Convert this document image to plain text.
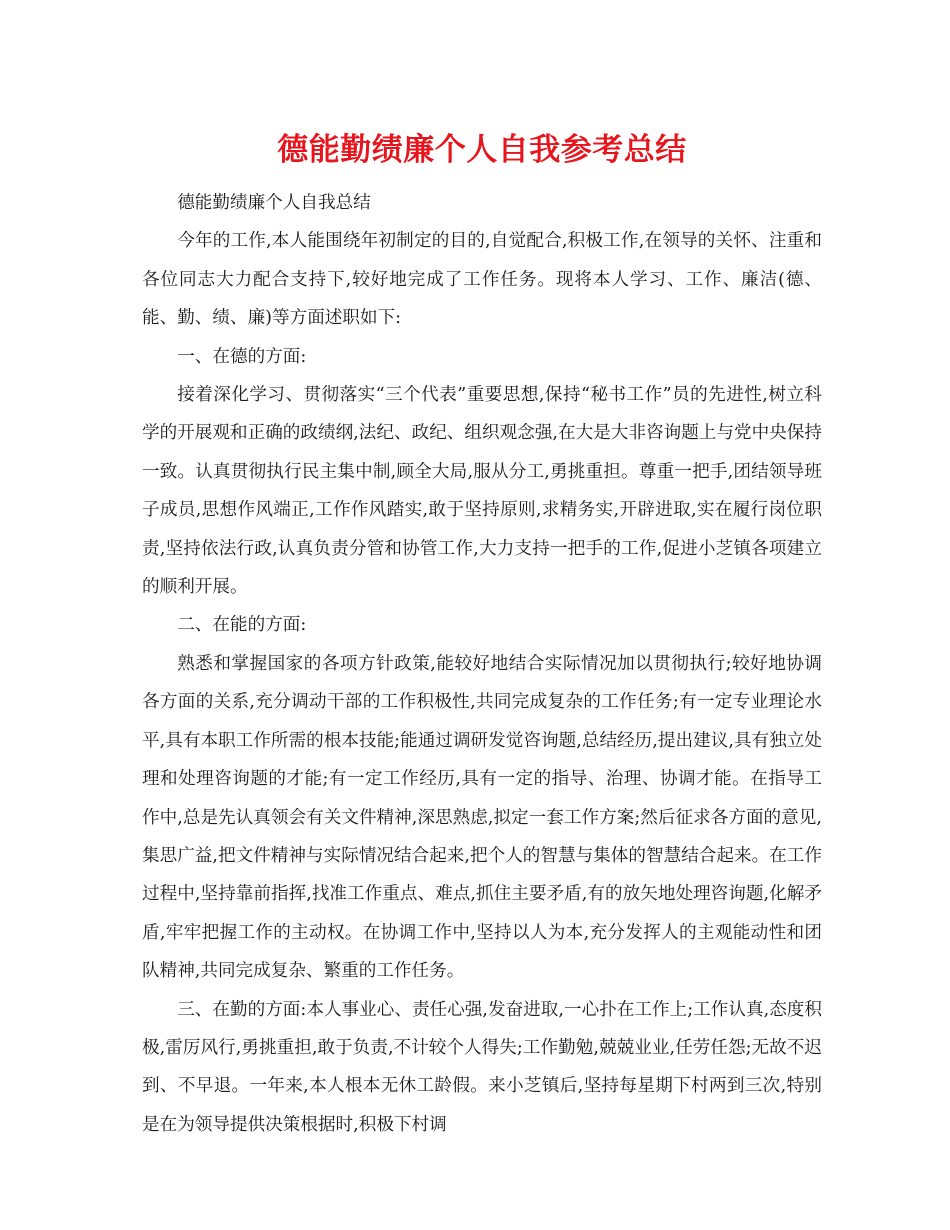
德能勤绩廉个人自我参考总结

德能勤绩廉个人自我总结

今年的工作,本人能围绕年初制定的目的,自觉配合,积极工作,在领导的关怀、注重和各位同志大力配合支持下,较好地完成了工作任务。现将本人学习、工作、廉洁(德、能、勤、绩、廉)等方面述职如下:

一、在德的方面:

接着深化学习、贯彻落实“三个代表”重要思想,保持“秘书工作”员的先进性,树立科学的开展观和正确的政绩纲,法纪、政纪、组织观念强,在大是大非咨询题上与党中央保持一致。认真贯彻执行民主集中制,顾全大局,服从分工,勇挑重担。尊重一把手,团结领导班子成员,思想作风端正,工作作风踏实,敢于坚持原则,求精务实,开辟进取,实在履行岗位职责,坚持依法行政,认真负责分管和协管工作,大力支持一把手的工作,促进小芝镇各项建立的顺利开展。

二、在能的方面:

熟悉和掌握国家的各项方针政策,能较好地结合实际情况加以贯彻执行;较好地协调各方面的关系,充分调动干部的工作积极性,共同完成复杂的工作任务;有一定专业理论水平,具有本职工作所需的根本技能;能通过调研发觉咨询题,总结经历,提出建议,具有独立处理和处理咨询题的才能;有一定工作经历,具有一定的指导、治理、协调才能。在指导工作中,总是先认真领会有关文件精神,深思熟虑,拟定一套工作方案;然后征求各方面的意见,集思广益,把文件精神与实际情况结合起来,把个人的智慧与集体的智慧结合起来。在工作过程中,坚持靠前指挥,找准工作重点、难点,抓住主要矛盾,有的放矢地处理咨询题,化解矛盾,牢牢把握工作的主动权。在协调工作中,坚持以人为本,充分发挥人的主观能动性和团队精神,共同完成复杂、繁重的工作任务。

三、在勤的方面:本人事业心、责任心强,发奋进取,一心扑在工作上;工作认真,态度积极,雷厉风行,勇挑重担,敢于负责,不计较个人得失;工作勤勉,兢兢业业,任劳任怨;无故不迟到、不早退。一年来,本人根本无休工龄假。来小芝镇后,坚持每星期下村两到三次,特别是在为领导提供决策根据时,积极下村调
